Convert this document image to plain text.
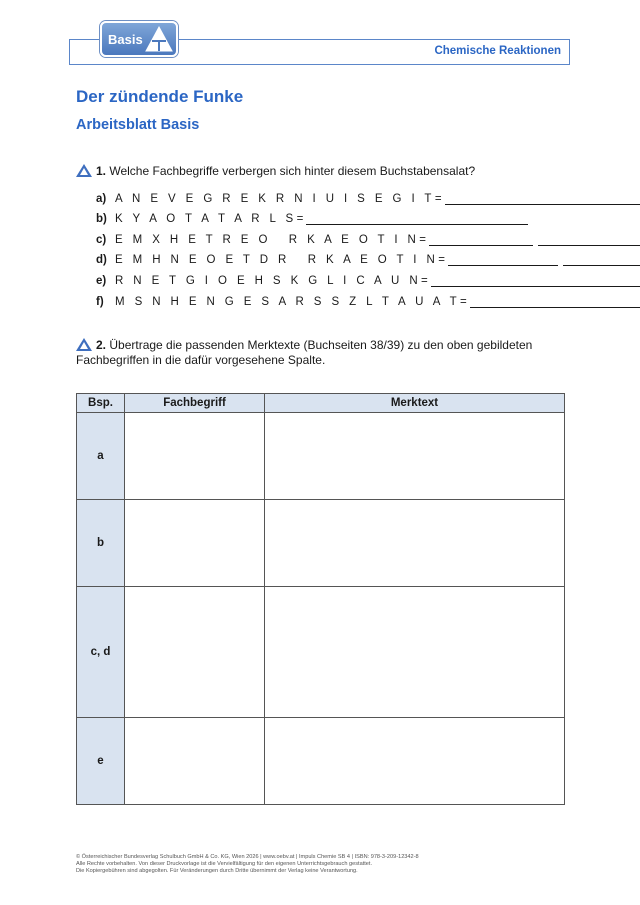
Chemische Reaktionen
Basis
Der zündende Funke
Arbeitsblatt Basis
1. Welche Fachbegriffe verbergen sich hinter diesem Buchstabensalat?
a) A N E V E G R E K R N I U I S E G I T =
b) K Y A O T A T A R L S =
c) E M X H E T R E O R K A E O T I N =
d) E M H N E O E T D R R K A E O T I N =
e) R N E T G I O E H S K G L I C A U N =
f) M S N H E N G E S A R S S Z L T A U A T =
2. Übertrage die passenden Merktexte (Buchseiten 38/39) zu den oben gebildeten Fachbegriffen in die dafür vorgesehene Spalte.
Bsp.	Fachbegriff	Merktext
a		
b		
c, d		
e		
© Österreichischer Bundesverlag Schulbuch GmbH & Co. KG, Wien 2026 | www.oebv.at | Impuls Chemie SB 4 | ISBN: 978-3-209-12342-8
Alle Rechte vorbehalten. Von dieser Druckvorlage ist die Vervielfältigung für den eigenen Unterrichtsgebrauch gestattet.
Die Kopiergebühren sind abgegolten. Für Veränderungen durch Dritte übernimmt der Verlag keine Verantwortung.
